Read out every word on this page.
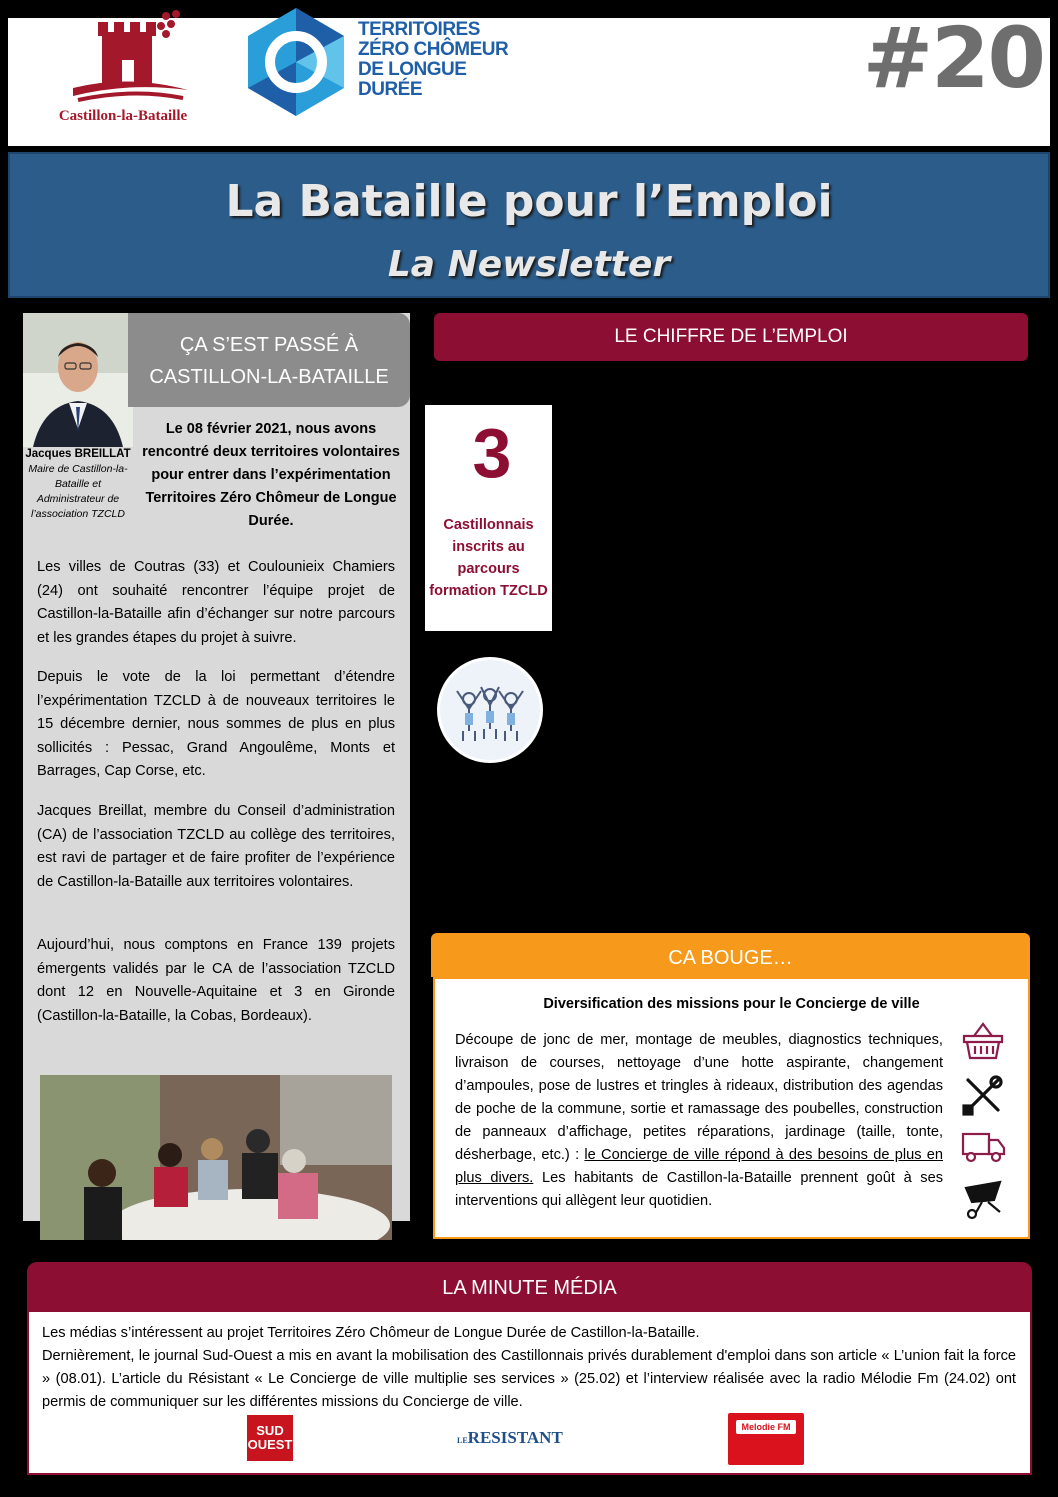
Castillon-la-Bataille
TERRITOIRES
ZÉRO CHÔMEUR
DE LONGUE
DURÉE	#20
La Bataille pour l’Emploi
La Newsletter
Jacques BREILLAT
Maire de Castillon-la-Bataille et Administrateur de l’association TZCLD
ÇA S’EST PASSÉ À
CASTILLON-LA-BATAILLE
Le 08 février 2021, nous avons rencontré deux territoires volontaires pour entrer dans l’expérimentation Territoires Zéro Chômeur de Longue Durée.
Les villes de Coutras (33) et Coulounieix Chamiers (24) ont souhaité rencontrer l’équipe projet de Castillon-la-Bataille afin d’échanger sur notre parcours et les grandes étapes du projet à suivre.
Depuis le vote de la loi permettant d’étendre l’expérimentation TZCLD à de nouveaux territoires le 15 décembre dernier, nous sommes de plus en plus sollicités : Pessac, Grand Angoulême, Monts et Barrages, Cap Corse, etc.
Jacques Breillat, membre du Conseil d’administration (CA) de l’association TZCLD au collège des territoires, est ravi de partager et de faire profiter de l’expérience de Castillon-la-Bataille aux territoires volontaires.
Aujourd’hui, nous comptons en France 139 projets émergents validés par le CA de l’association TZCLD dont 12 en Nouvelle-Aquitaine et 3 en Gironde (Castillon-la-Bataille, la Cobas, Bordeaux).
LE CHIFFRE DE L’EMPLOI
3
Castillonnais inscrits au parcours formation TZCLD
CA BOUGE…
Diversification des missions pour le Concierge de ville
Découpe de jonc de mer, montage de meubles, diagnostics techniques, livraison de courses, nettoyage d’une hotte aspirante, changement d’ampoules, pose de lustres et tringles à rideaux, distribution des agendas de poche de la commune, sortie et ramassage des poubelles, construction de panneaux d’affichage, petites réparations, jardinage (taille, tonte, désherbage, etc.) : le Concierge de ville répond à des besoins de plus en plus divers. Les habitants de Castillon-la-Bataille prennent goût à ses interventions qui allègent leur quotidien.
LA MINUTE MÉDIA
Les médias s’intéressent au projet Territoires Zéro Chômeur de Longue Durée de Castillon-la-Bataille.
Dernièrement, le journal Sud-Ouest a mis en avant la mobilisation des Castillonnais privés durablement d'emploi dans son article « L’union fait la force » (08.01). L’article du Résistant « Le Concierge de ville multiplie ses services » (25.02) et l’interview réalisée avec la radio Mélodie Fm (24.02) ont permis de communiquer sur les différentes missions du Concierge de ville.
SUD
OUEST	LERESISTANT
Melodie FM
